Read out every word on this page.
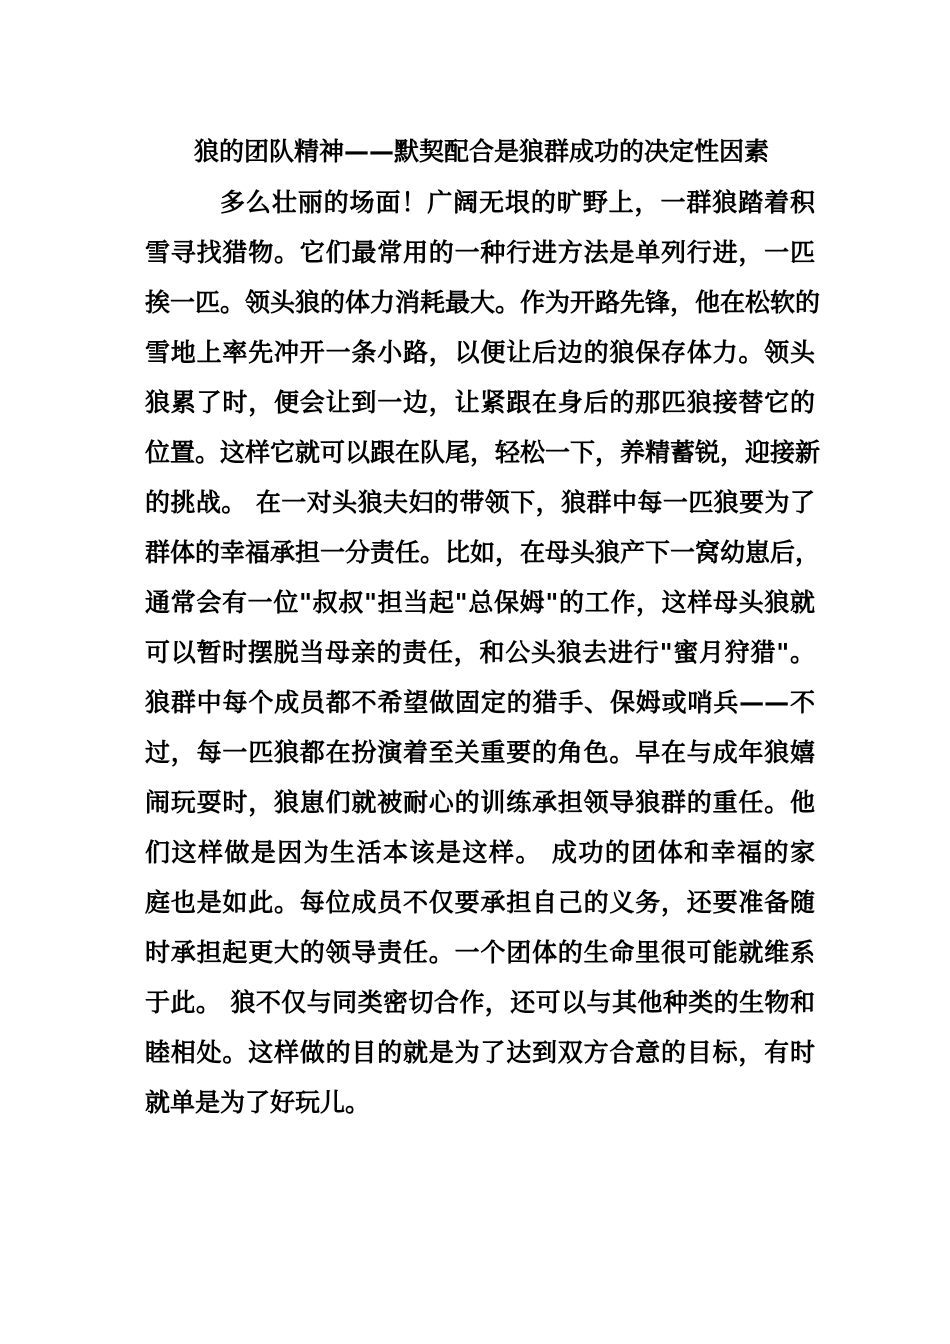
狼的团队精神——默契配合是狼群成功的决定性因素
多么壮丽的场面！广阔无垠的旷野上，一群狼踏着积
雪寻找猎物。它们最常用的一种行进方法是单列行进，一匹
挨一匹。领头狼的体力消耗最大。作为开路先锋，他在松软的
雪地上率先冲开一条小路，以便让后边的狼保存体力。领头
狼累了时，便会让到一边，让紧跟在身后的那匹狼接替它的
位置。这样它就可以跟在队尾，轻松一下，养精蓄锐，迎接新
的挑战。 在一对头狼夫妇的带领下，狼群中每一匹狼要为了
群体的幸福承担一分责任。比如，在母头狼产下一窝幼崽后，
通常会有一位"叔叔"担当起"总保姆"的工作，这样母头狼就
可以暂时摆脱当母亲的责任，和公头狼去进行"蜜月狩猎"。
狼群中每个成员都不希望做固定的猎手、保姆或哨兵——不
过，每一匹狼都在扮演着至关重要的角色。早在与成年狼嬉
闹玩耍时，狼崽们就被耐心的训练承担领导狼群的重任。他
们这样做是因为生活本该是这样。 成功的团体和幸福的家
庭也是如此。每位成员不仅要承担自己的义务，还要准备随
时承担起更大的领导责任。一个团体的生命里很可能就维系
于此。 狼不仅与同类密切合作，还可以与其他种类的生物和
睦相处。这样做的目的就是为了达到双方合意的目标，有时
就单是为了好玩儿。
